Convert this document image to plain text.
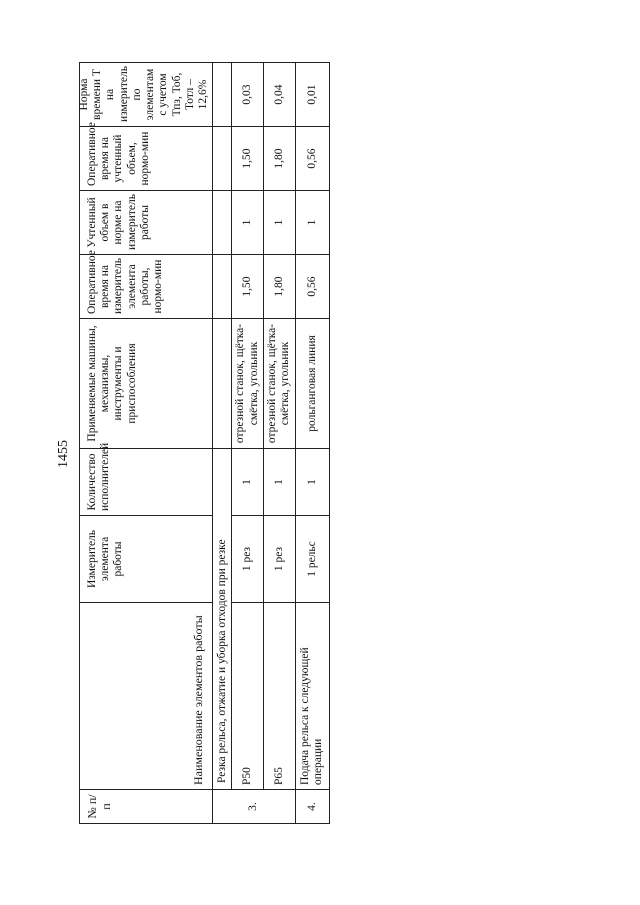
1455
№ п/п	Наименование элементов работы	Измеритель элемента работы	Количество исполнителей	Применяемые машины, механизмы, инструменты и приспособления	Оперативное время на измеритель элемента работы, нормо-мин	Учтенный объем в норме на измеритель работы	Оперативное время на учтенный объем, нормо-мин	Норма времени Т на измеритель по элементам с учетом Тпз, Тоб, Тотл – 12,6%

3.	Резка рельса, отжатие и уборка отходов при резке							
	Р50	1 рез	1	отрезной станок, щётка-смётка, угольник	1,50	1	1,50	0,03
	Р65	1 рез	1	отрезной станок, щётка-смётка, угольник	1,80	1	1,80	0,04
4.	Подача рельса к следующей операции	1 рельс	1	рольганговая линия	0,56	1	0,56	0,01
